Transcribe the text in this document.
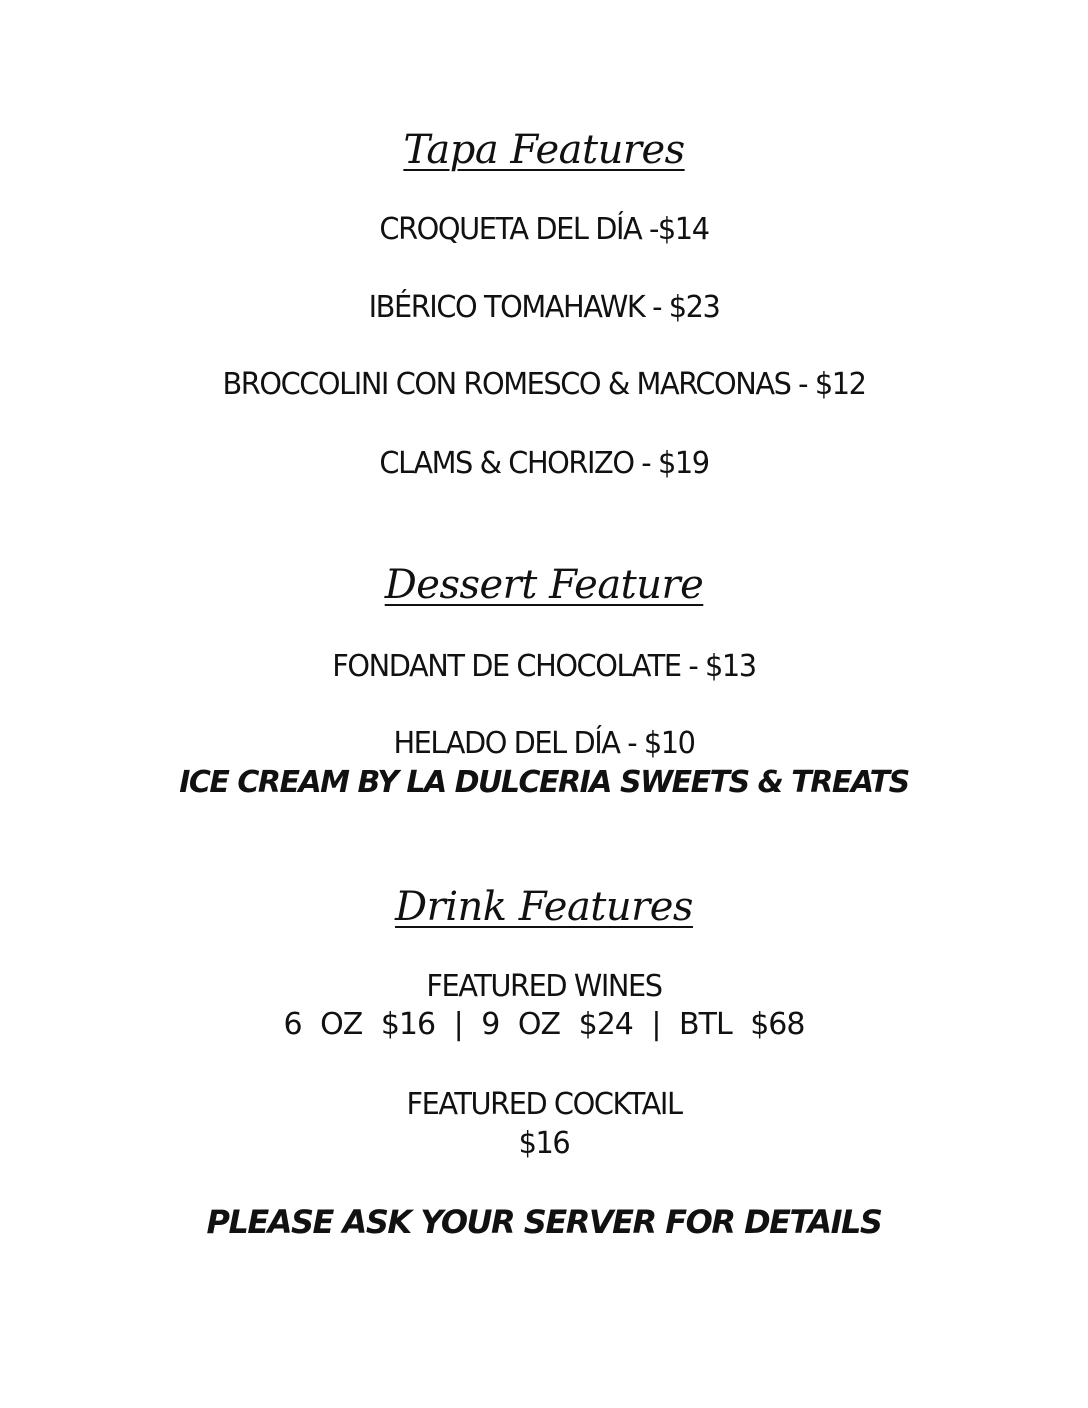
Tapa Features
CROQUETA DEL DÍA -$14
IBÉRICO TOMAHAWK - $23
BROCCOLINI CON ROMESCO & MARCONAS - $12
CLAMS & CHORIZO - $19
Dessert Feature
FONDANT DE CHOCOLATE - $13
HELADO DEL DÍA - $10
ICE CREAM BY LA DULCERIA SWEETS & TREATS
Drink Features
FEATURED WINES
6 OZ $16 | 9 OZ $24 | BTL $68
FEATURED COCKTAIL
$16
PLEASE ASK YOUR SERVER FOR DETAILS
